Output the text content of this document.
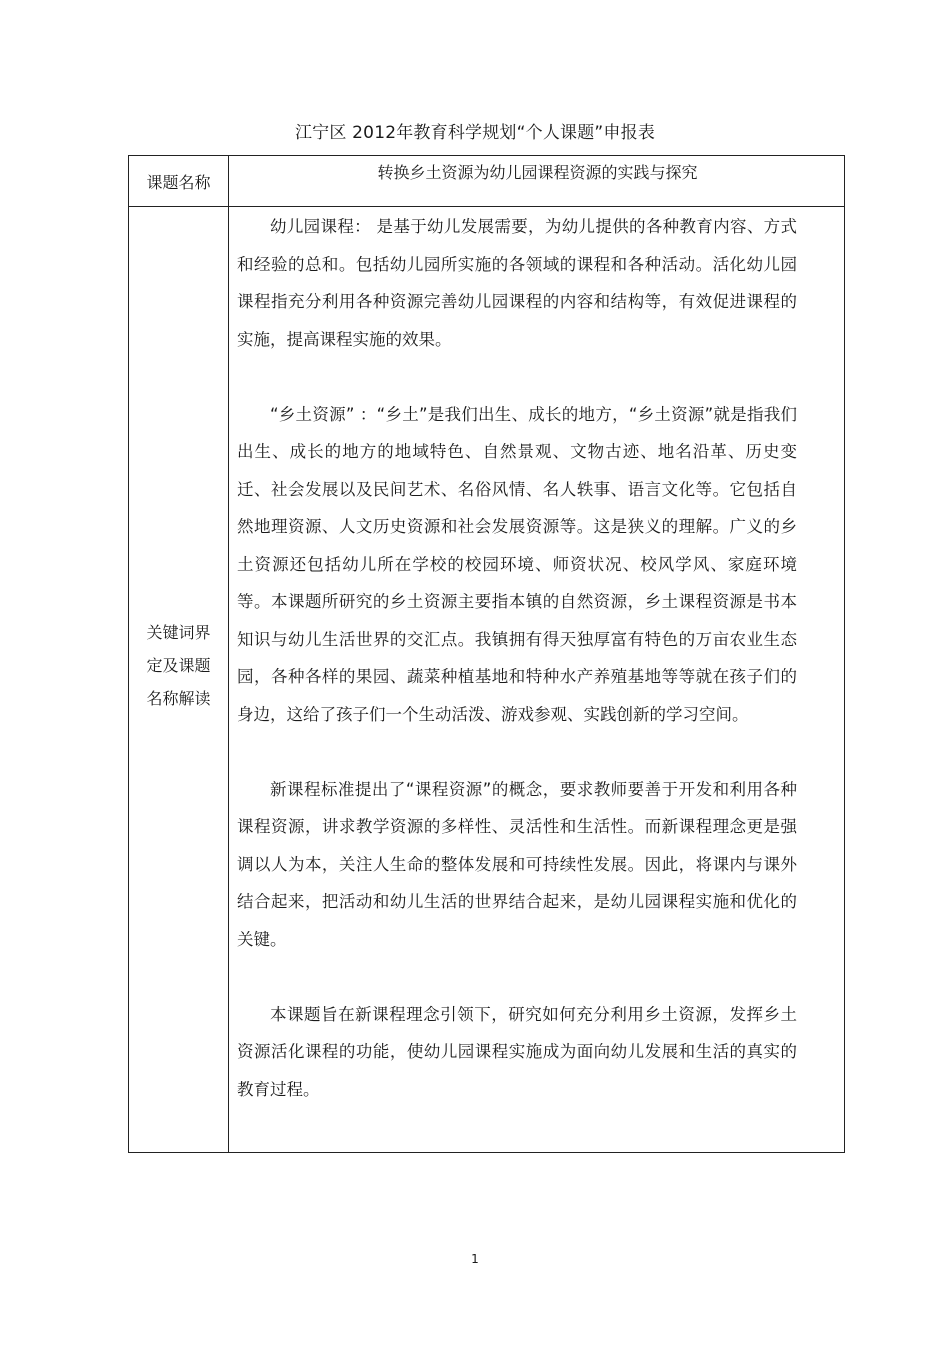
江宁区 2012年教育科学规划“个人课题”申报表
课题名称
转换乡土资源为幼儿园课程资源的实践与探究
关键词界
定及课题
名称解读

幼儿园课程： 是基于幼儿发展需要，为幼儿提供的各种教育内容、方式和经验的总和。包括幼儿园所实施的各领域的课程和各种活动。活化幼儿园课程指充分利用各种资源完善幼儿园课程的内容和结构等，有效促进课程的实施，提高课程实施的效果。

“乡土资源” ：“乡土”是我们出生、成长的地方，“乡土资源”就是指我们出生、成长的地方的地域特色、自然景观、文物古迹、地名沿革、历史变迁、社会发展以及民间艺术、名俗风情、名人轶事、语言文化等。它包括自然地理资源、人文历史资源和社会发展资源等。这是狭义的理解。广义的乡土资源还包括幼儿所在学校的校园环境、师资状况、校风学风、家庭环境等。本课题所研究的乡土资源主要指本镇的自然资源，乡土课程资源是书本知识与幼儿生活世界的交汇点。我镇拥有得天独厚富有特色的万亩农业生态园，各种各样的果园、蔬菜种植基地和特种水产养殖基地等等就在孩子们的身边，这给了孩子们一个生动活泼、游戏参观、实践创新的学习空间。

新课程标准提出了“课程资源”的概念，要求教师要善于开发和利用各种课程资源，讲求教学资源的多样性、灵活性和生活性。而新课程理念更是强调以人为本，关注人生命的整体发展和可持续性发展。因此，将课内与课外结合起来，把活动和幼儿生活的世界结合起来，是幼儿园课程实施和优化的关键。

本课题旨在新课程理念引领下，研究如何充分利用乡土资源，发挥乡土资源活化课程的功能，使幼儿园课程实施成为面向幼儿发展和生活的真实的教育过程。

1
